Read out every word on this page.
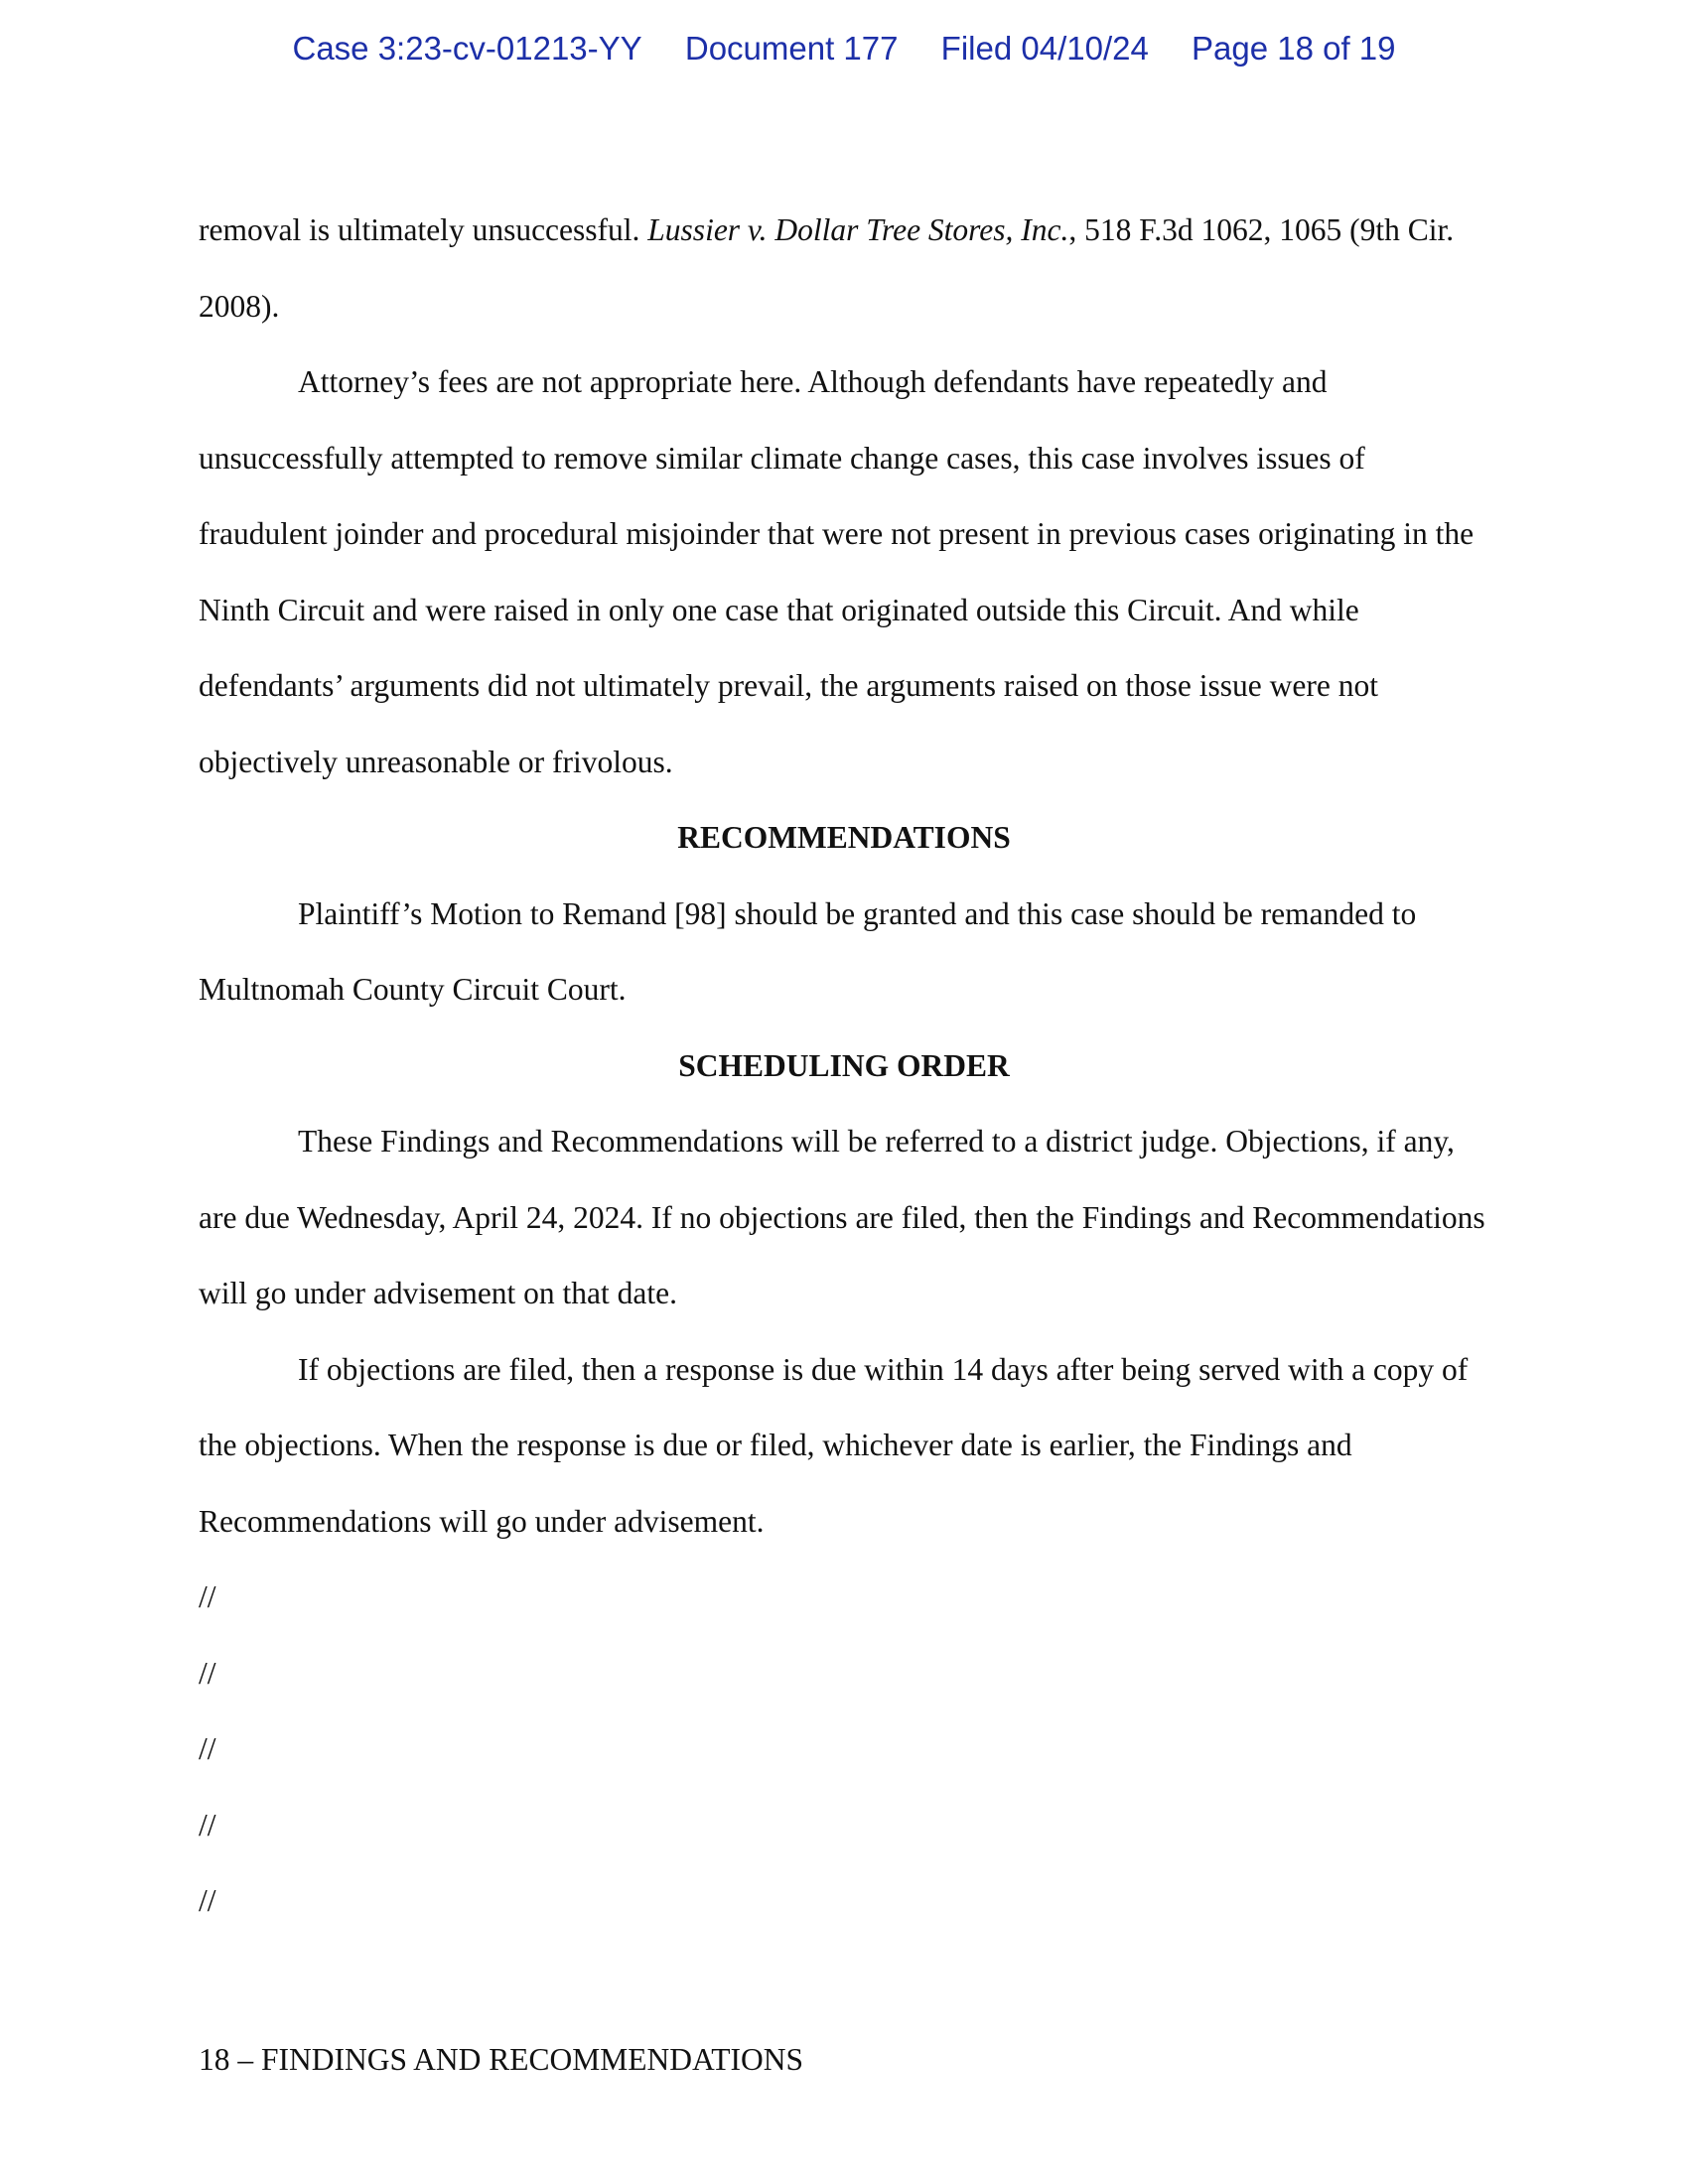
Case 3:23-cv-01213-YY Document 177 Filed 04/10/24 Page 18 of 19

removal is ultimately unsuccessful. Lussier v. Dollar Tree Stores, Inc., 518 F.3d 1062, 1065 (9th Cir. 2008).

Attorney’s fees are not appropriate here. Although defendants have repeatedly and unsuccessfully attempted to remove similar climate change cases, this case involves issues of fraudulent joinder and procedural misjoinder that were not present in previous cases originating in the Ninth Circuit and were raised in only one case that originated outside this Circuit. And while defendants’ arguments did not ultimately prevail, the arguments raised on those issue were not objectively unreasonable or frivolous.

RECOMMENDATIONS

Plaintiff’s Motion to Remand [98] should be granted and this case should be remanded to Multnomah County Circuit Court.

SCHEDULING ORDER

These Findings and Recommendations will be referred to a district judge. Objections, if any, are due Wednesday, April 24, 2024. If no objections are filed, then the Findings and Recommendations will go under advisement on that date.

If objections are filed, then a response is due within 14 days after being served with a copy of the objections. When the response is due or filed, whichever date is earlier, the Findings and Recommendations will go under advisement.

//

//

//

//

//

18 – FINDINGS AND RECOMMENDATIONS
